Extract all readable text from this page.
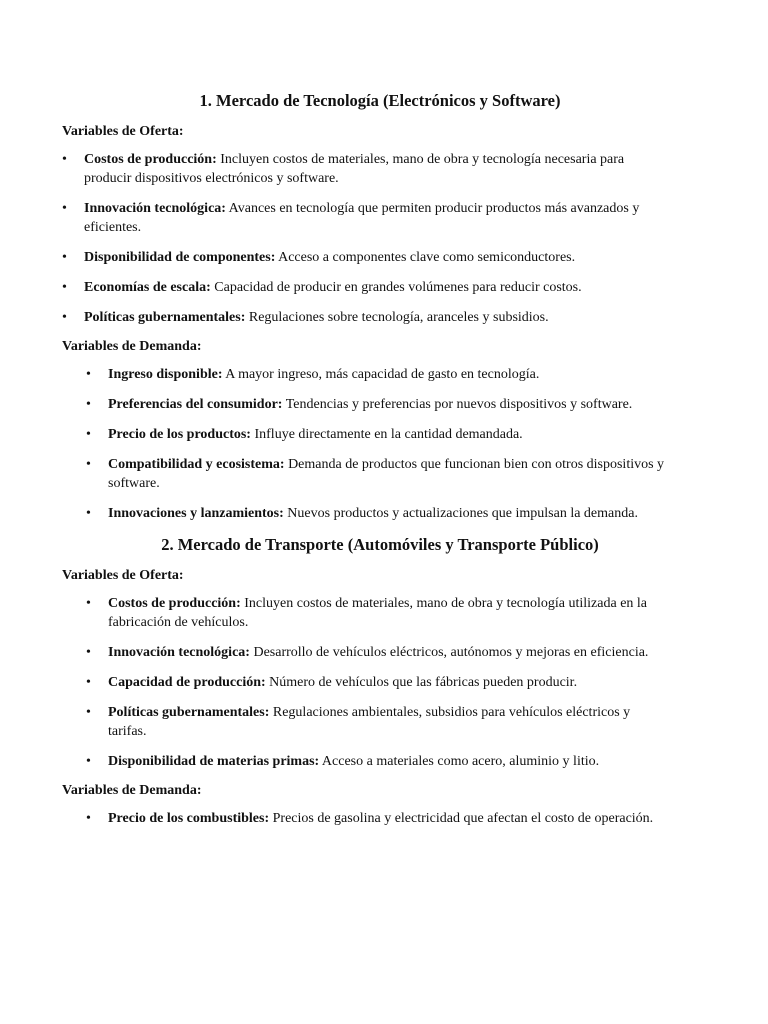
1. Mercado de Tecnología (Electrónicos y Software)
Variables de Oferta:
• Costos de producción: Incluyen costos de materiales, mano de obra y tecnología necesaria para producir dispositivos electrónicos y software.
• Innovación tecnológica: Avances en tecnología que permiten producir productos más avanzados y eficientes.
• Disponibilidad de componentes: Acceso a componentes clave como semiconductores.
• Economías de escala: Capacidad de producir en grandes volúmenes para reducir costos.
• Políticas gubernamentales: Regulaciones sobre tecnología, aranceles y subsidios.
Variables de Demanda:
• Ingreso disponible: A mayor ingreso, más capacidad de gasto en tecnología.
• Preferencias del consumidor: Tendencias y preferencias por nuevos dispositivos y software.
• Precio de los productos: Influye directamente en la cantidad demandada.
• Compatibilidad y ecosistema: Demanda de productos que funcionan bien con otros dispositivos y software.
• Innovaciones y lanzamientos: Nuevos productos y actualizaciones que impulsan la demanda.
2. Mercado de Transporte (Automóviles y Transporte Público)
Variables de Oferta:
• Costos de producción: Incluyen costos de materiales, mano de obra y tecnología utilizada en la fabricación de vehículos.
• Innovación tecnológica: Desarrollo de vehículos eléctricos, autónomos y mejoras en eficiencia.
• Capacidad de producción: Número de vehículos que las fábricas pueden producir.
• Políticas gubernamentales: Regulaciones ambientales, subsidios para vehículos eléctricos y tarifas.
• Disponibilidad de materias primas: Acceso a materiales como acero, aluminio y litio.
Variables de Demanda:
• Precio de los combustibles: Precios de gasolina y electricidad que afectan el costo de operación.
